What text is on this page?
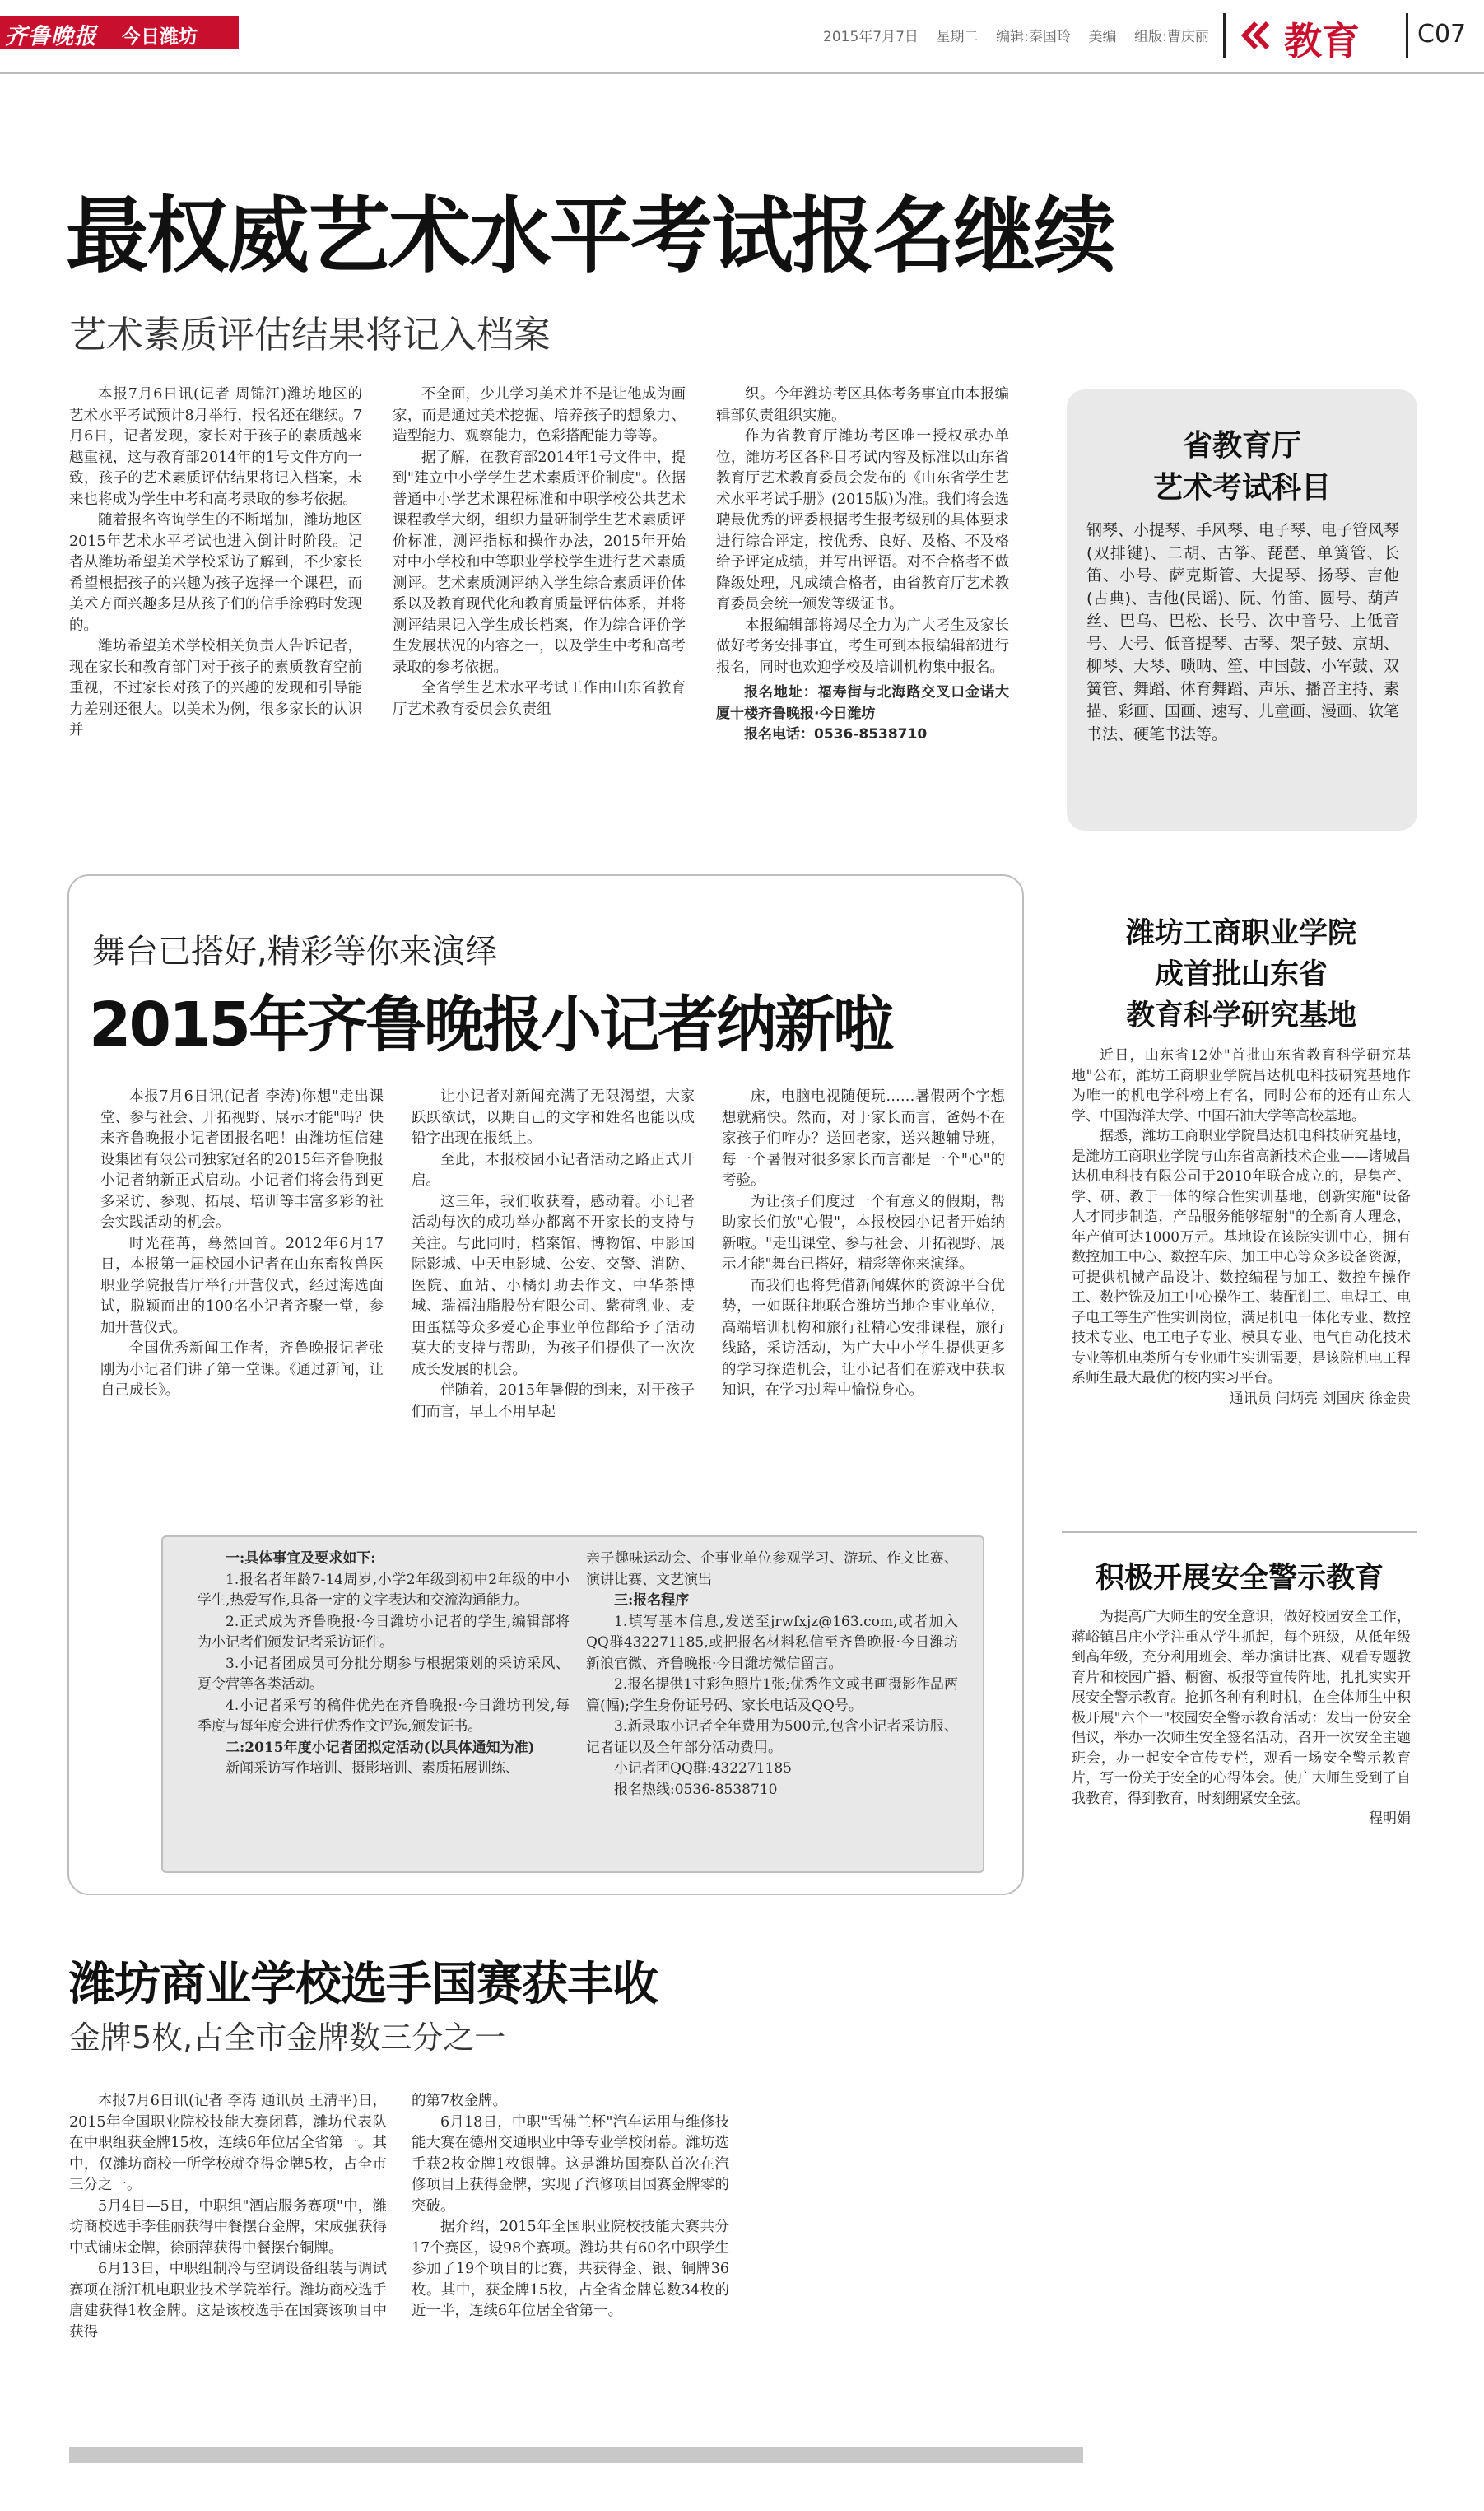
齐鲁晚报 今日潍坊	2015年7月7日 星期二 编辑:秦国玲 美编 组版:曹庆丽 教育 C07
最权威艺术水平考试报名继续
艺术素质评估结果将记入档案

本报7月6日讯(记者 周锦江)潍坊地区的艺术水平考试预计8月举行，报名还在继续。7月6日，记者发现，家长对于孩子的素质越来越重视，这与教育部2014年的1号文件方向一致，孩子的艺术素质评估结果将记入档案，未来也将成为学生中考和高考录取的参考依据。

随着报名咨询学生的不断增加，潍坊地区2015年艺术水平考试也进入倒计时阶段。记者从潍坊希望美术学校采访了解到，不少家长希望根据孩子的兴趣为孩子选择一个课程，而美术方面兴趣多是从孩子们的信手涂鸦时发现的。

潍坊希望美术学校相关负责人告诉记者，现在家长和教育部门对于孩子的素质教育空前重视，不过家长对孩子的兴趣的发现和引导能力差别还很大。以美术为例，很多家长的认识并

不全面，少儿学习美术并不是让他成为画家，而是通过美术挖掘、培养孩子的想象力、造型能力、观察能力，色彩搭配能力等等。

据了解，在教育部2014年1号文件中，提到"建立中小学学生艺术素质评价制度"。依据普通中小学艺术课程标准和中职学校公共艺术课程教学大纲，组织力量研制学生艺术素质评价标准，测评指标和操作办法，2015年开始对中小学校和中等职业学校学生进行艺术素质测评。艺术素质测评纳入学生综合素质评价体系以及教育现代化和教育质量评估体系，并将测评结果记入学生成长档案，作为综合评价学生发展状况的内容之一，以及学生中考和高考录取的参考依据。

全省学生艺术水平考试工作由山东省教育厅艺术教育委员会负责组

织。今年潍坊考区具体考务事宜由本报编辑部负责组织实施。

作为省教育厅潍坊考区唯一授权承办单位，潍坊考区各科目考试内容及标准以山东省教育厅艺术教育委员会发布的《山东省学生艺术水平考试手册》(2015版)为准。我们将会选聘最优秀的评委根据考生报考级别的具体要求进行综合评定，按优秀、良好、及格、不及格给予评定成绩，并写出评语。对不合格者不做降级处理，凡成绩合格者，由省教育厅艺术教育委员会统一颁发等级证书。

本报编辑部将竭尽全力为广大考生及家长做好考务安排事宜，考生可到本报编辑部进行报名，同时也欢迎学校及培训机构集中报名。

报名地址：福寿街与北海路交叉口金诺大厦十楼齐鲁晚报·今日潍坊

报名电话：0536-8538710

省教育厅
艺术考试科目
钢琴、小提琴、手风琴、电子琴、电子管风琴(双排键)、二胡、古筝、琵琶、单簧管、长笛、小号、萨克斯管、大提琴、扬琴、吉他(古典)、吉他(民谣)、阮、竹笛、圆号、葫芦丝、巴乌、巴松、长号、次中音号、上低音号、大号、低音提琴、古琴、架子鼓、京胡、柳琴、大琴、唢呐、笙、中国鼓、小军鼓、双簧管、舞蹈、体育舞蹈、声乐、播音主持、素描、彩画、国画、速写、儿童画、漫画、软笔书法、硬笔书法等。
舞台已搭好,精彩等你来演绎
2015年齐鲁晚报小记者纳新啦

本报7月6日讯(记者 李涛)你想"走出课堂、参与社会、开拓视野、展示才能"吗？快来齐鲁晚报小记者团报名吧！由潍坊恒信建设集团有限公司独家冠名的2015年齐鲁晚报小记者纳新正式启动。小记者们将会得到更多采访、参观、拓展、培训等丰富多彩的社会实践活动的机会。

时光荏苒，蓦然回首。2012年6月17日，本报第一届校园小记者在山东畜牧兽医职业学院报告厅举行开营仪式，经过海选面试，脱颖而出的100名小记者齐聚一堂，参加开营仪式。

全国优秀新闻工作者，齐鲁晚报记者张刚为小记者们讲了第一堂课。《通过新闻，让自己成长》。

让小记者对新闻充满了无限渴望，大家跃跃欲试，以期自己的文字和姓名也能以成铅字出现在报纸上。

至此，本报校园小记者活动之路正式开启。

这三年，我们收获着，感动着。小记者活动每次的成功举办都离不开家长的支持与关注。与此同时，档案馆、博物馆、中影国际影城、中天电影城、公安、交警、消防、医院、血站、小橘灯助去作文、中华茶博城、瑞福油脂股份有限公司、紫荷乳业、麦田蛋糕等众多爱心企事业单位都给予了活动莫大的支持与帮助，为孩子们提供了一次次成长发展的机会。

伴随着，2015年暑假的到来，对于孩子们而言，早上不用早起

床，电脑电视随便玩……暑假两个字想想就痛快。然而，对于家长而言，爸妈不在家孩子们咋办？送回老家，送兴趣辅导班，每一个暑假对很多家长而言都是一个"心"的考验。

为让孩子们度过一个有意义的假期，帮助家长们放"心假"，本报校园小记者开始纳新啦。"走出课堂、参与社会、开拓视野、展示才能"舞台已搭好，精彩等你来演绎。

而我们也将凭借新闻媒体的资源平台优势，一如既往地联合潍坊当地企事业单位，高端培训机构和旅行社精心安排课程，旅行线路，采访活动，为广大中小学生提供更多的学习探造机会，让小记者们在游戏中获取知识，在学习过程中愉悦身心。

一:具体事宜及要求如下:

1.报名者年龄7-14周岁,小学2年级到初中2年级的中小学生,热爱写作,具备一定的文字表达和交流沟通能力。

2.正式成为齐鲁晚报·今日潍坊小记者的学生,编辑部将为小记者们颁发记者采访证件。

3.小记者团成员可分批分期参与根据策划的采访采风、夏令营等各类活动。

4.小记者采写的稿件优先在齐鲁晚报·今日潍坊刊发,每季度与每年度会进行优秀作文评选,颁发证书。

二:2015年度小记者团拟定活动(以具体通知为准)

新闻采访写作培训、摄影培训、素质拓展训练、

亲子趣味运动会、企事业单位参观学习、游玩、作文比赛、演讲比赛、文艺演出

三:报名程序

1.填写基本信息,发送至jrwfxjz@163.com,或者加入QQ群432271185,或把报名材料私信至齐鲁晚报·今日潍坊新浪官微、齐鲁晚报·今日潍坊微信留言。

2.报名提供1寸彩色照片1张;优秀作文或书画摄影作品两篇(幅);学生身份证号码、家长电话及QQ号。

3.新录取小记者全年费用为500元,包含小记者采访服、记者证以及全年部分活动费用。

小记者团QQ群:432271185

报名热线:0536-8538710

潍坊工商职业学院
成首批山东省
教育科学研究基地

近日，山东省12处"首批山东省教育科学研究基地"公布，潍坊工商职业学院昌达机电科技研究基地作为唯一的机电学科榜上有名，同时公布的还有山东大学、中国海洋大学、中国石油大学等高校基地。

据悉，潍坊工商职业学院昌达机电科技研究基地，是潍坊工商职业学院与山东省高新技术企业——诸城昌达机电科技有限公司于2010年联合成立的，是集产、学、研、教于一体的综合性实训基地，创新实施"设备人才同步制造，产品服务能够辐射"的全新育人理念，年产值可达1000万元。基地设在该院实训中心，拥有数控加工中心、数控车床、加工中心等众多设备资源，可提供机械产品设计、数控编程与加工、数控车操作工、数控铣及加工中心操作工、装配钳工、电焊工、电子电工等生产性实训岗位，满足机电一体化专业、数控技术专业、电工电子专业、模具专业、电气自动化技术专业等机电类所有专业师生实训需要，是该院机电工程系师生最大最优的校内实习平台。

通讯员 闫炳亮 刘国庆 徐金贵

积极开展安全警示教育

为提高广大师生的安全意识，做好校园安全工作，蒋峪镇吕庄小学注重从学生抓起，每个班级，从低年级到高年级，充分利用班会、举办演讲比赛、观看专题教育片和校园广播、橱窗、板报等宣传阵地，扎扎实实开展安全警示教育。抢抓各种有利时机，在全体师生中积极开展"六个一"校园安全警示教育活动：发出一份安全倡议，举办一次师生安全签名活动，召开一次安全主题班会，办一起安全宣传专栏，观看一场安全警示教育片，写一份关于安全的心得体会。使广大师生受到了自我教育，得到教育，时刻绷紧安全弦。

程明娟

潍坊商业学校选手国赛获丰收
金牌5枚,占全市金牌数三分之一

本报7月6日讯(记者 李涛 通讯员 王清平)日，2015年全国职业院校技能大赛闭幕，潍坊代表队在中职组获金牌15枚，连续6年位居全省第一。其中，仅潍坊商校一所学校就夺得金牌5枚，占全市三分之一。

5月4日—5日，中职组"酒店服务赛项"中，潍坊商校选手李佳丽获得中餐摆台金牌，宋成强获得中式铺床金牌，徐丽萍获得中餐摆台铜牌。

6月13日，中职组制冷与空调设备组装与调试赛项在浙江机电职业技术学院举行。潍坊商校选手唐建获得1枚金牌。这是该校选手在国赛该项目中获得

的第7枚金牌。

6月18日，中职"雪佛兰杯"汽车运用与维修技能大赛在德州交通职业中等专业学校闭幕。潍坊选手获2枚金牌1枚银牌。这是潍坊国赛队首次在汽修项目上获得金牌，实现了汽修项目国赛金牌零的突破。

据介绍，2015年全国职业院校技能大赛共分17个赛区，设98个赛项。潍坊共有60名中职学生参加了19个项目的比赛，共获得金、银、铜牌36枚。其中，获金牌15枚，占全省金牌总数34枚的近一半，连续6年位居全省第一。
